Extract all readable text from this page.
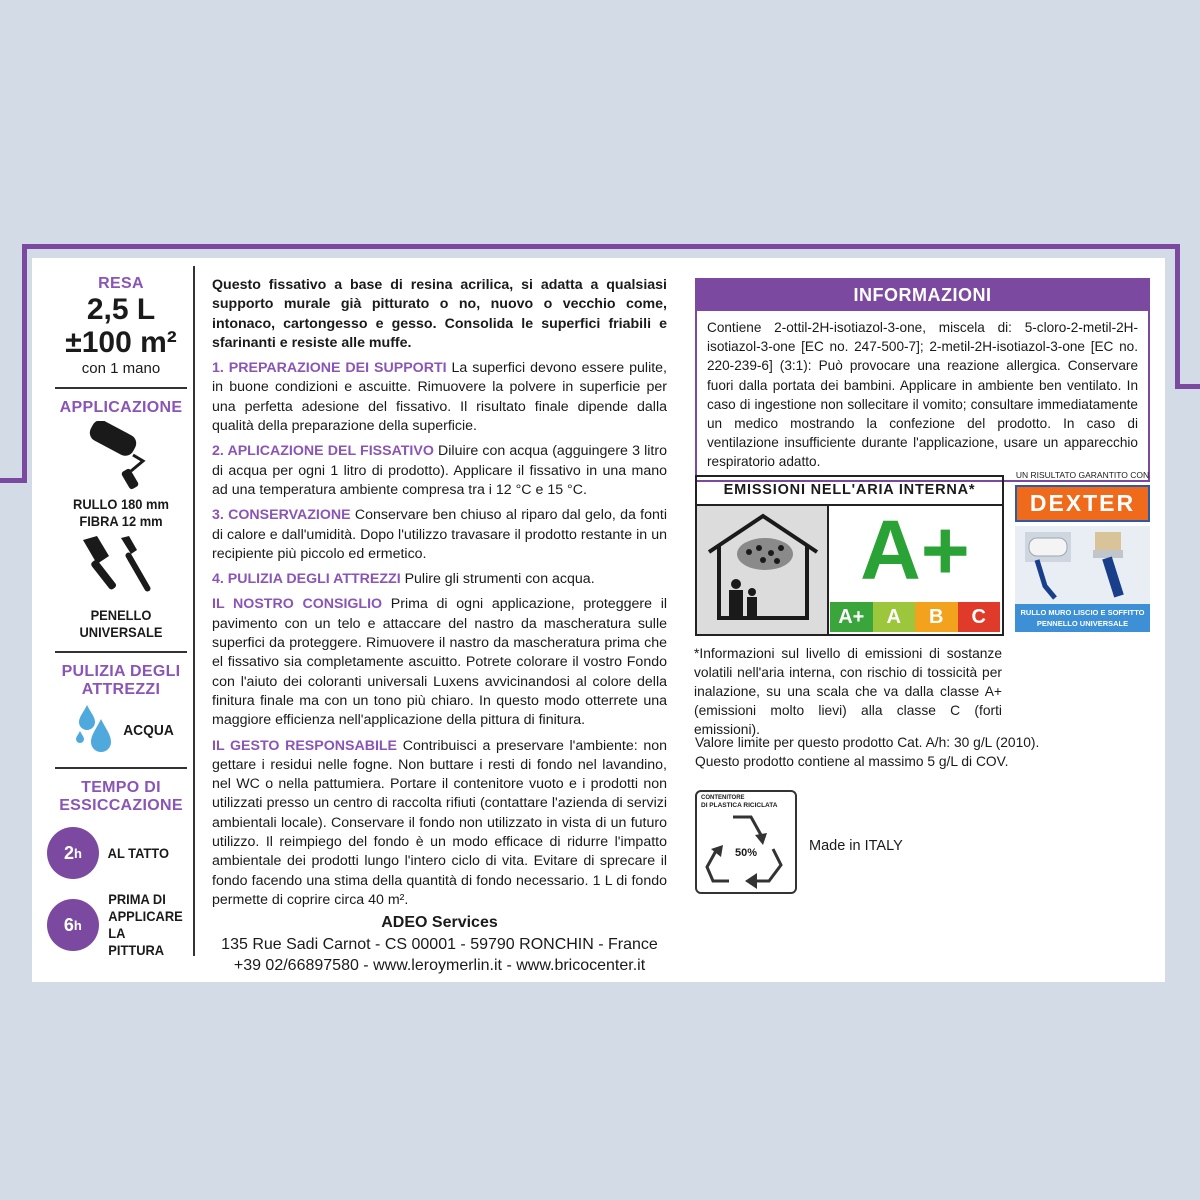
RESA
2,5 L
±100 m²
con 1 mano
APPLICAZIONE
RULLO 180 mm
FIBRA 12 mm
PENELLO
UNIVERSALE
PULIZIA DEGLI
ATTREZZI
ACQUA
TEMPO DI
ESSICCAZIONE
2 h AL TATTO
6 h
PRIMA DI
APPLICARE
LA PITTURA

Questo fissativo a base di resina acrilica, si adatta a qualsiasi supporto murale già pitturato o no, nuovo o vecchio come, intonaco, cartongesso e gesso. Consolida le superfici friabili e sfarinanti e resiste alle muffe.

1. PREPARAZIONE DEI SUPPORTI La superfici devono essere pulite, in buone condizioni e ascuitte. Rimuovere la polvere in superficie per una perfetta adesione del fissativo. Il risultato finale dipende dalla qualità della preparazione della superficie.

2. APLICAZIONE DEL FISSATIVO Diluire con acqua (agguingere 3 litro di acqua per ogni 1 litro di prodotto). Applicare il fissativo in una mano ad una temperatura ambiente compresa tra i 12 °C e 15 °C.

3. CONSERVAZIONE Conservare ben chiuso al riparo dal gelo, da fonti di calore e dall'umidità. Dopo l'utilizzo travasare il prodotto restante in un recipiente più piccolo ed ermetico.

4. PULIZIA DEGLI ATTREZZI Pulire gli strumenti con acqua.

IL NOSTRO CONSIGLIO Prima di ogni applicazione, proteggere il pavimento con un telo e attaccare del nastro da mascheratura sulle superfici da proteggere. Rimuovere il nastro da mascheratura prima che el fissativo sia completamente ascuitto. Potrete colorare il vostro Fondo con l'aiuto dei coloranti universali Luxens avvicinandosi al colore della finitura finale ma con un tono più chiaro. In questo modo otterrete una maggiore efficienza nell'applicazione della pittura di finitura.

IL GESTO RESPONSABILE Contribuisci a preservare l'ambiente: non gettare i residui nelle fogne. Non buttare i resti di fondo nel lavandino, nel WC o nella pattumiera. Portare il contenitore vuoto e i prodotti non utilizzati presso un centro di raccolta rifiuti (contattare l'azienda di servizi ambientali locale). Conservare il fondo non utilizzato in vista di un futuro utilizzo. Il reimpiego del fondo è un modo efficace di ridurre l'impatto ambientale dei prodotti lungo l'intero ciclo di vita. Evitare di sprecare il fondo facendo una stima della quantità di fondo necessario. 1 L di fondo permette di coprire circa 40 m².

ADEO Services
135 Rue Sadi Carnot - CS 00001 - 59790 RONCHIN - France
+39 02/66897580 - www.leroymerlin.it - www.bricocenter.it
INFORMAZIONI
Contiene 2-ottil-2H-isotiazol-3-one, miscela di: 5-cloro-2-metil-2H-isotiazol-3-one [EC no. 247-500-7]; 2-metil-2H-isotiazol-3-one [EC no. 220-239-6] (3:1): Può provocare una reazione allergica. Conservare fuori dalla portata dei bambini. Applicare in ambiente ben ventilato. In caso di ingestione non sollecitare il vomito; consultare immediatamente un medico mostrando la confezione del prodotto. In caso di ventilazione insufficiente durante l'applicazione, usare un apparecchio respiratorio adatto.
EMISSIONI NELL'ARIA INTERNA*
A+
A+	A	B	C
*Informazioni sul livello di emissioni di sostanze volatili nell'aria interna, con rischio di tossicità per inalazione, su una scala che va dalla classe A+ (emissioni molto lievi) alla classe C (forti emissioni).
Valore limite per questo prodotto Cat. A/h: 30 g/L (2010).
Questo prodotto contiene al massimo 5 g/L di COV.
CONTENITORE
DI PLASTICA RICICLATA
50%	Made in ITALY
UN RISULTATO GARANTITO CON
DEXTER
RULLO MURO LISCIO E SOFFITTO
PENNELLO UNIVERSALE
